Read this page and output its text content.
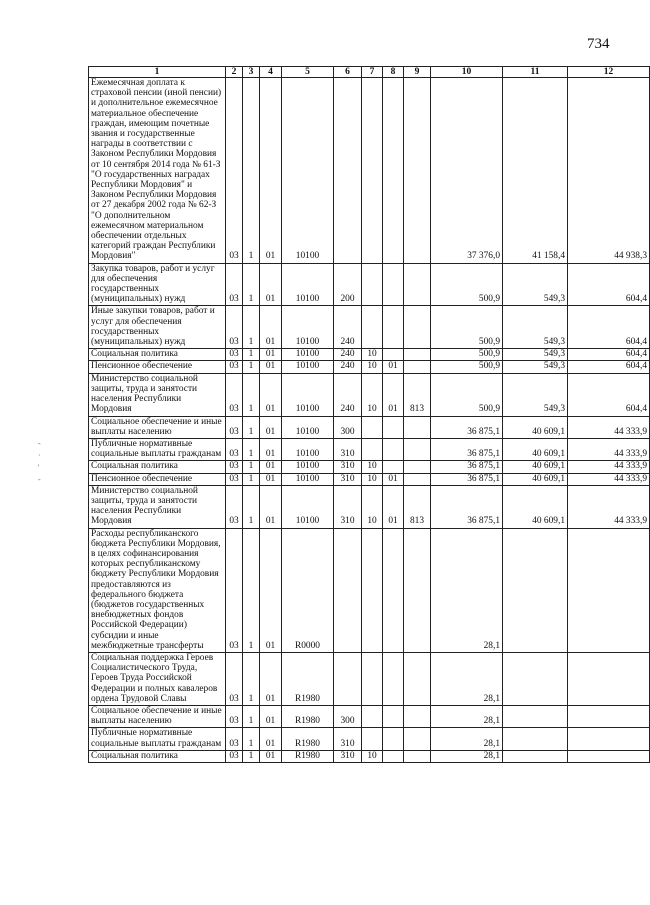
734
-
·
'
-
1	2	3	4	5	6	7	8	9	10	11	12
Ежемесячная доплата к страховой пенсии (иной пенсии) и дополнительное ежемесячное материальное обеспечение граждан, имеющим почетные звания и государственные награды в соответствии с Законом Республики Мордовия от 10 сентября 2014 года № 61-З "О государственных наградах Республики Мордовия" и Законом Республики Мордовия от 27 декабря 2002 года № 62-З "О дополнительном ежемесячном материальном обеспечении отдельных категорий граждан Республики Мордовия"	03	1	01	10100					37 376,0	41 158,4	44 938,3
Закупка товаров, работ и услуг для обеспечения государственных (муниципальных) нужд	03	1	01	10100	200				500,9	549,3	604,4
Иные закупки товаров, работ и услуг для обеспечения государственных (муниципальных) нужд	03	1	01	10100	240				500,9	549,3	604,4
Социальная политика	03	1	01	10100	240	10			500,9	549,3	604,4
Пенсионное обеспечение	03	1	01	10100	240	10	01		500,9	549,3	604,4
Министерство социальной защиты, труда и занятости населения Республики Мордовия	03	1	01	10100	240	10	01	813	500,9	549,3	604,4
Социальное обеспечение и иные выплаты населению	03	1	01	10100	300				36 875,1	40 609,1	44 333,9
Публичные нормативные социальные выплаты гражданам	03	1	01	10100	310				36 875,1	40 609,1	44 333,9
Социальная политика	03	1	01	10100	310	10			36 875,1	40 609,1	44 333,9
Пенсионное обеспечение	03	1	01	10100	310	10	01		36 875,1	40 609,1	44 333,9
Министерство социальной защиты, труда и занятости населения Республики Мордовия	03	1	01	10100	310	10	01	813	36 875,1	40 609,1	44 333,9
Расходы республиканского бюджета Республики Мордовия, в целях софинансирования которых республиканскому бюджету Республики Мордовия предоставляются из федерального бюджета (бюджетов государственных внебюджетных фондов Российской Федерации) субсидии и иные межбюджетные трансферты	03	1	01	R0000					28,1		
Социальная поддержка Героев Социалистического Труда, Героев Труда Российской Федерации и полных кавалеров ордена Трудовой Славы	03	1	01	R1980					28,1		
Социальное обеспечение и иные выплаты населению	03	1	01	R1980	300				28,1		
Публичные нормативные социальные выплаты гражданам	03	1	01	R1980	310				28,1		
Социальная политика	03	1	01	R1980	310	10			28,1		
